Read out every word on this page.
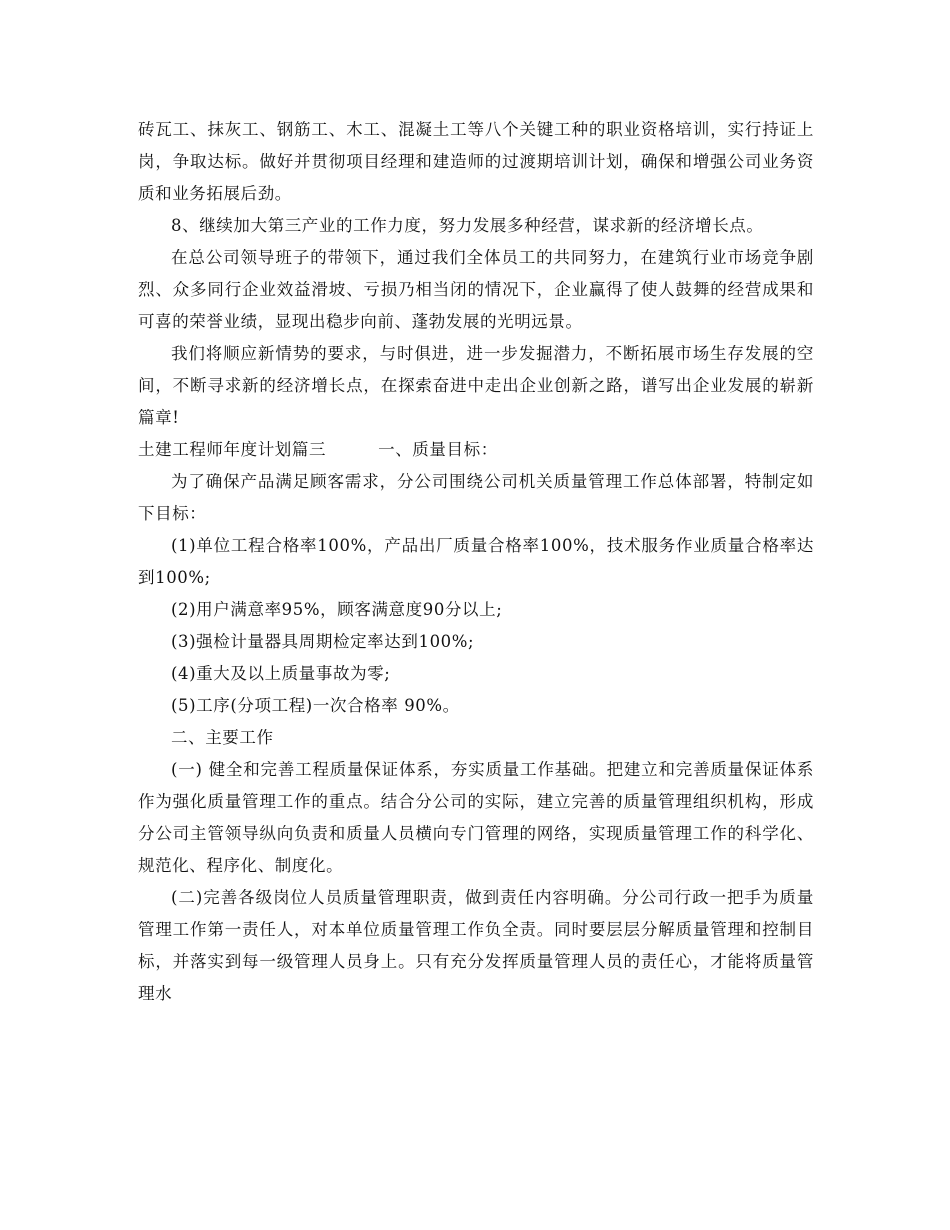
砖瓦工、抹灰工、钢筋工、木工、混凝土工等八个关键工种的职业资格培训，实行持证上岗，争取达标。做好并贯彻项目经理和建造师的过渡期培训计划，确保和增强公司业务资质和业务拓展后劲。

8、继续加大第三产业的工作力度，努力发展多种经营，谋求新的经济增长点。

在总公司领导班子的带领下，通过我们全体员工的共同努力，在建筑行业市场竞争剧烈、众多同行企业效益滑坡、亏损乃相当闭的情况下，企业赢得了使人鼓舞的经营成果和可喜的荣誉业绩，显现出稳步向前、蓬勃发展的光明远景。

我们将顺应新情势的要求，与时俱进，进一步发掘潜力，不断拓展市场生存发展的空间，不断寻求新的经济增长点，在探索奋进中走出企业创新之路，谱写出企业发展的崭新篇章!

土建工程师年度计划篇三	一、质量目标：

为了确保产品满足顾客需求，分公司围绕公司机关质量管理工作总体部署，特制定如下目标：

(1)单位工程合格率100%，产品出厂质量合格率100%，技术服务作业质量合格率达到100%;

(2)用户满意率95%，顾客满意度90分以上;

(3)强检计量器具周期检定率达到100%;

(4)重大及以上质量事故为零;

(5)工序(分项工程)一次合格率 90%。

二、主要工作

(一) 健全和完善工程质量保证体系，夯实质量工作基础。把建立和完善质量保证体系作为强化质量管理工作的重点。结合分公司的实际，建立完善的质量管理组织机构，形成分公司主管领导纵向负责和质量人员横向专门管理的网络，实现质量管理工作的科学化、规范化、程序化、制度化。

(二)完善各级岗位人员质量管理职责，做到责任内容明确。分公司行政一把手为质量管理工作第一责任人，对本单位质量管理工作负全责。同时要层层分解质量管理和控制目标，并落实到每一级管理人员身上。只有充分发挥质量管理人员的责任心，才能将质量管理水
